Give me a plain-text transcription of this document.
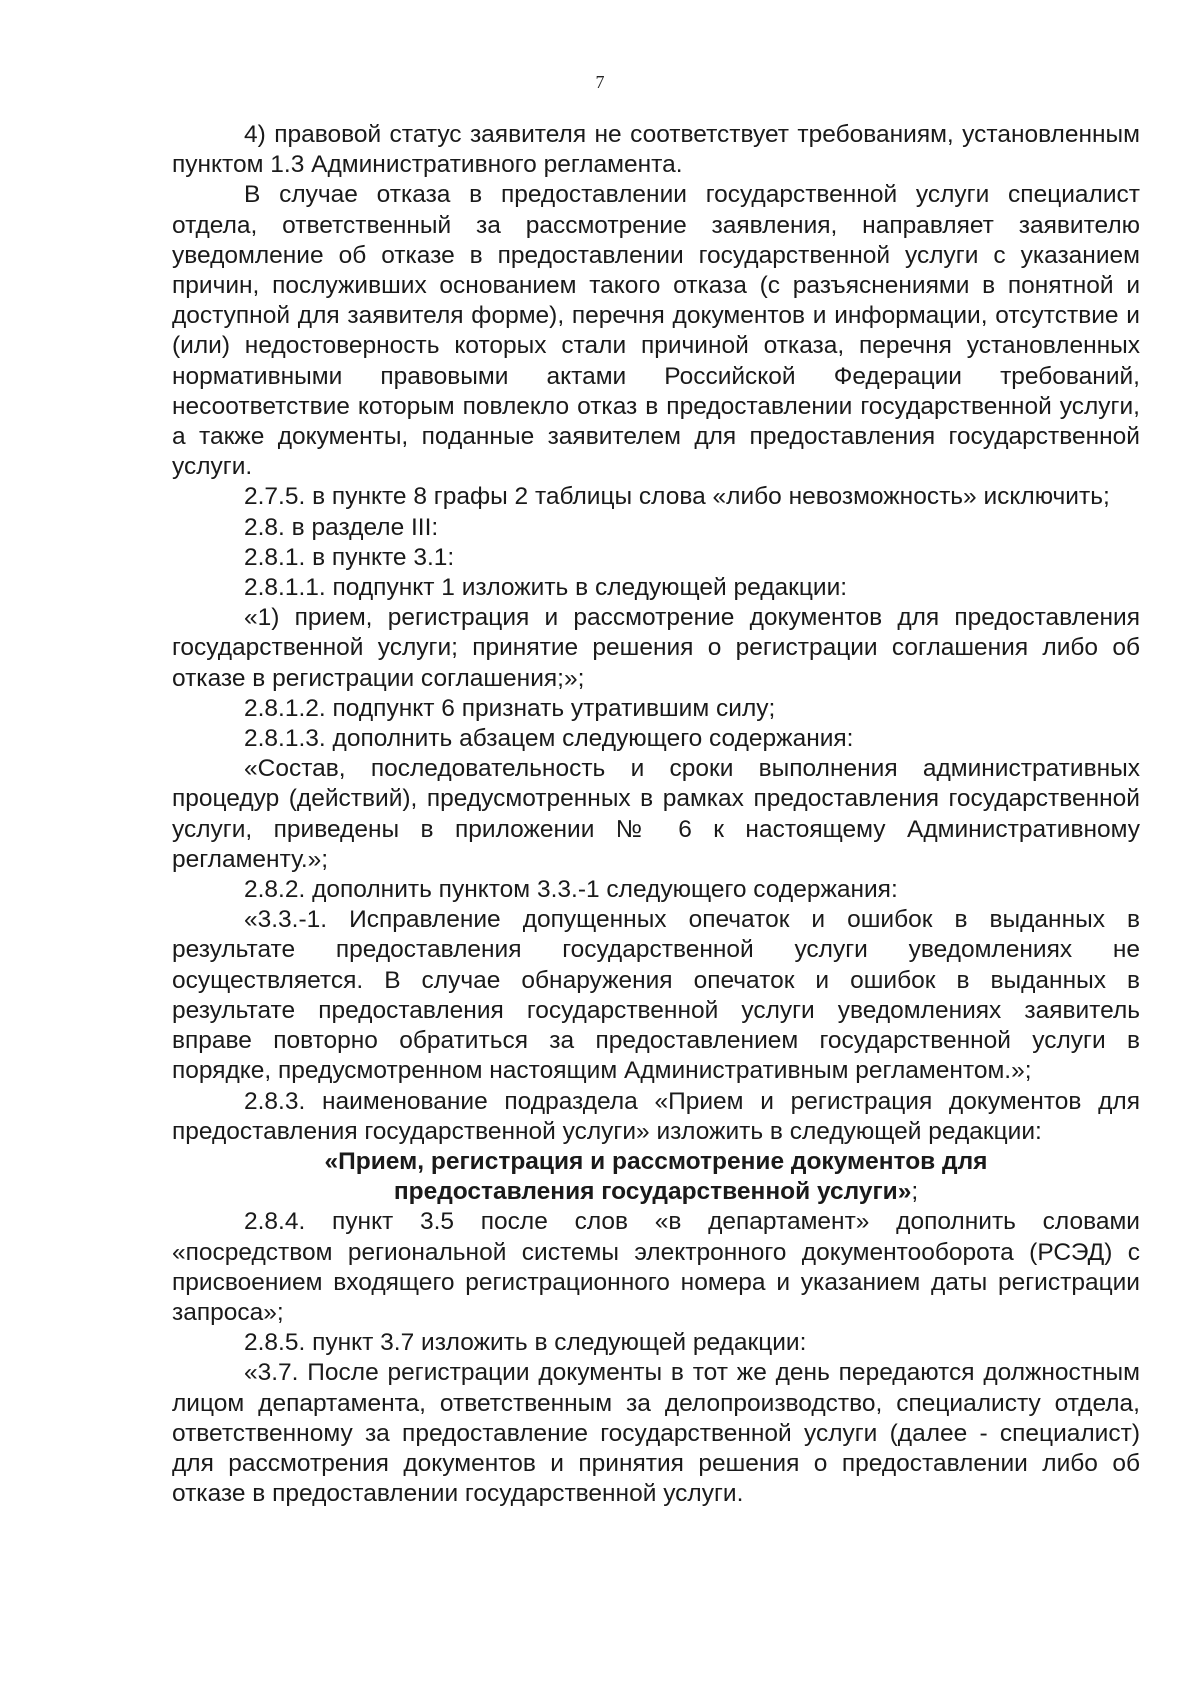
7

4) правовой статус заявителя не соответствует требованиям, установленным пунктом 1.3 Административного регламента.

В случае отказа в предоставлении государственной услуги специалист отдела, ответственный за рассмотрение заявления, направляет заявителю уведомление об отказе в предоставлении государственной услуги с указанием причин, послуживших основанием такого отказа (с разъяснениями в понятной и доступной для заявителя форме), перечня документов и информации, отсутствие и (или) недостоверность которых стали причиной отказа, перечня установленных нормативными правовыми актами Российской Федерации требований, несоответствие которым повлекло отказ в предоставлении государственной услуги, а также документы, поданные заявителем для предоставления государственной услуги.

2.7.5. в пункте 8 графы 2 таблицы слова «либо невозможность» исключить;

2.8. в разделе III:

2.8.1. в пункте 3.1:

2.8.1.1. подпункт 1 изложить в следующей редакции:

«1) прием, регистрация и рассмотрение документов для предоставления государственной услуги; принятие решения о регистрации соглашения либо об отказе в регистрации соглашения;»;

2.8.1.2. подпункт 6 признать утратившим силу;

2.8.1.3. дополнить абзацем следующего содержания:

«Состав, последовательность и сроки выполнения административных процедур (действий), предусмотренных в рамках предоставления государственной услуги, приведены в приложении № 6 к настоящему Административному регламенту.»;

2.8.2. дополнить пунктом 3.3.-1 следующего содержания:

«3.3.-1. Исправление допущенных опечаток и ошибок в выданных в результате предоставления государственной услуги уведомлениях не осуществляется. В случае обнаружения опечаток и ошибок в выданных в результате предоставления государственной услуги уведомлениях заявитель вправе повторно обратиться за предоставлением государственной услуги в порядке, предусмотренном настоящим Административным регламентом.»;

2.8.3. наименование подраздела «Прием и регистрация документов для предоставления государственной услуги» изложить в следующей редакции:

«Прием, регистрация и рассмотрение документов для
предоставления государственной услуги»;

2.8.4. пункт 3.5 после слов «в департамент» дополнить словами «посредством региональной системы электронного документооборота (РСЭД) с присвоением входящего регистрационного номера и указанием даты регистрации запроса»;

2.8.5. пункт 3.7 изложить в следующей редакции:

«3.7. После регистрации документы в тот же день передаются должностным лицом департамента, ответственным за делопроизводство, специалисту отдела, ответственному за предоставление государственной услуги (далее - специалист) для рассмотрения документов и принятия решения о предоставлении либо об отказе в предоставлении государственной услуги.
